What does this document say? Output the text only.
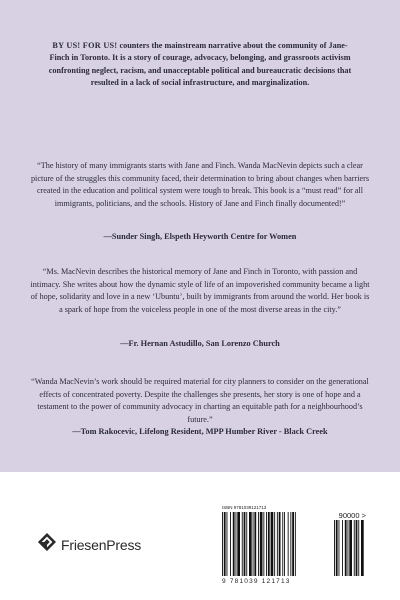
BY US! FOR US! counters the mainstream narrative about the community of Jane-Finch in Toronto. It is a story of courage, advocacy, belonging, and grassroots activism confronting neglect, racism, and unacceptable political and bureaucratic decisions that resulted in a lack of social infrastructure, and marginalization.
“The history of many immigrants starts with Jane and Finch. Wanda MacNevin depicts such a clear picture of the struggles this community faced, their determination to bring about changes when barriers created in the education and political system were tough to break. This book is a “must read” for all immigrants, politicians, and the schools. History of Jane and Finch finally documented!”
—Sunder Singh, Elspeth Heyworth Centre for Women
“Ms. MacNevin describes the historical memory of Jane and Finch in Toronto, with passion and intimacy. She writes about how the dynamic style of life of an impoverished community became a light of hope, solidarity and love in a new ‘Ubuntu’, built by immigrants from around the world. Her book is a spark of hope from the voiceless people in one of the most diverse areas in the city.”
—Fr. Hernan Astudillo, San Lorenzo Church
“Wanda MacNevin’s work should be required material for city planners to consider on the generational effects of concentrated poverty. Despite the challenges she presents, her story is one of hope and a testament to the power of community advocacy in charting an equitable path for a neighbourhood’s future.”
—Tom Rakocevic, Lifelong Resident, MPP Humber River - Black Creek
FriesenPress
ISBN 9781039121713
90000 >
9 781039 121713
